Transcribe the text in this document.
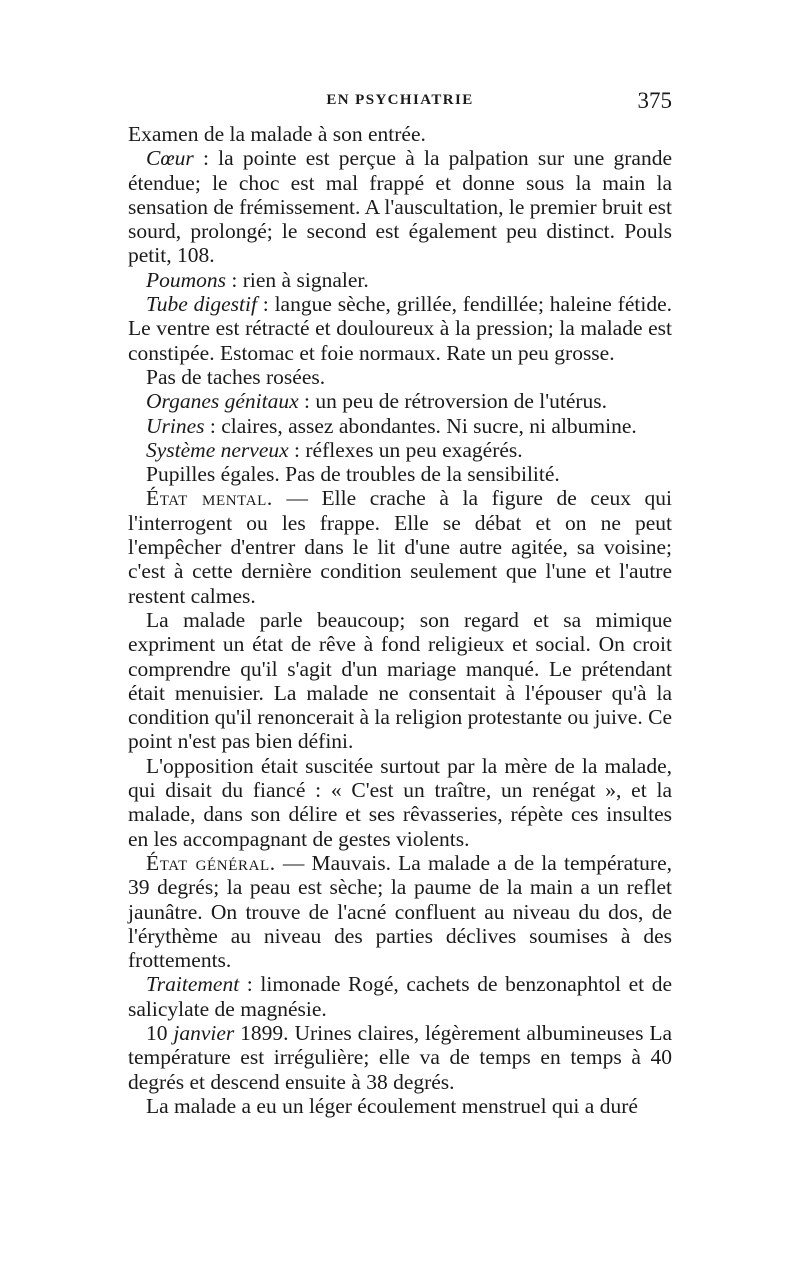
EN PSYCHIATRIE	375

Examen de la malade à son entrée.

Cœur : la pointe est perçue à la palpation sur une grande étendue; le choc est mal frappé et donne sous la main la sensation de frémissement. A l'auscultation, le premier bruit est sourd, prolongé; le second est également peu distinct. Pouls petit, 108.

Poumons : rien à signaler.

Tube digestif : langue sèche, grillée, fendillée; haleine fétide. Le ventre est rétracté et douloureux à la pression; la malade est constipée. Estomac et foie normaux. Rate un peu grosse.

Pas de taches rosées.

Organes génitaux : un peu de rétroversion de l'utérus.

Urines : claires, assez abondantes. Ni sucre, ni albumine.

Système nerveux : réflexes un peu exagérés.

Pupilles égales. Pas de troubles de la sensibilité.

État mental. — Elle crache à la figure de ceux qui l'interrogent ou les frappe. Elle se débat et on ne peut l'empêcher d'entrer dans le lit d'une autre agitée, sa voisine; c'est à cette dernière condition seulement que l'une et l'autre restent calmes.

La malade parle beaucoup; son regard et sa mimique expriment un état de rêve à fond religieux et social. On croit comprendre qu'il s'agit d'un mariage manqué. Le prétendant était menuisier. La malade ne consentait à l'épouser qu'à la condition qu'il renoncerait à la religion protestante ou juive. Ce point n'est pas bien défini.

L'opposition était suscitée surtout par la mère de la malade, qui disait du fiancé : « C'est un traître, un renégat », et la malade, dans son délire et ses rêvasseries, répète ces insultes en les accompagnant de gestes violents.

État général. — Mauvais. La malade a de la température, 39 degrés; la peau est sèche; la paume de la main a un reflet jaunâtre. On trouve de l'acné confluent au niveau du dos, de l'érythème au niveau des parties déclives soumises à des frottements.

Traitement : limonade Rogé, cachets de benzonaphtol et de salicylate de magnésie.

10 janvier 1899. Urines claires, légèrement albumineuses La température est irrégulière; elle va de temps en temps à 40 degrés et descend ensuite à 38 degrés.

La malade a eu un léger écoulement menstruel qui a duré
